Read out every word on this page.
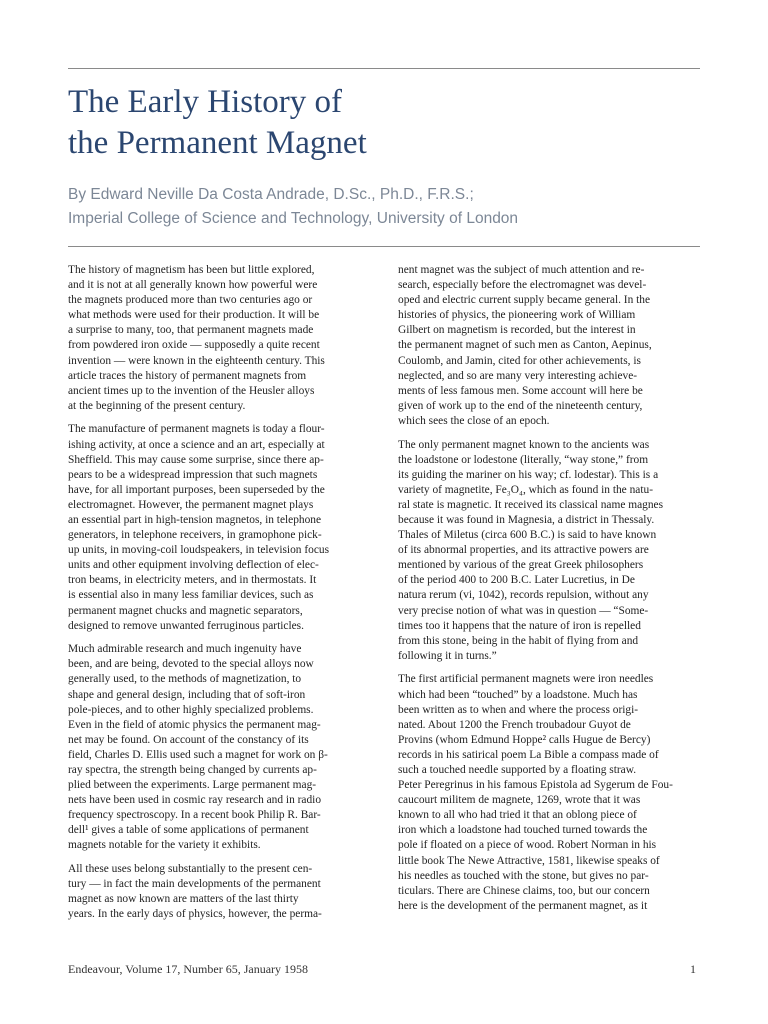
The Early History of
the Permanent Magnet
By Edward Neville Da Costa Andrade, D.Sc., Ph.D., F.R.S.;
Imperial College of Science and Technology, University of London

The history of magnetism has been but little explored,
and it is not at all generally known how powerful were
the magnets produced more than two centuries ago or
what methods were used for their production. It will be
a surprise to many, too, that permanent magnets made
from powdered iron oxide — supposedly a quite recent
invention — were known in the eighteenth century. This
article traces the history of permanent magnets from
ancient times up to the invention of the Heusler alloys
at the beginning of the present century.

The manufacture of permanent magnets is today a flour-
ishing activity, at once a science and an art, especially at
Sheffield. This may cause some surprise, since there ap-
pears to be a widespread impression that such magnets
have, for all important purposes, been superseded by the
electromagnet. However, the permanent magnet plays
an essential part in high-tension magnetos, in telephone
generators, in telephone receivers, in gramophone pick-
up units, in moving-coil loudspeakers, in television focus
units and other equipment involving deflection of elec-
tron beams, in electricity meters, and in thermostats. It
is essential also in many less familiar devices, such as
permanent magnet chucks and magnetic separators,
designed to remove unwanted ferruginous particles.

Much admirable research and much ingenuity have
been, and are being, devoted to the special alloys now
generally used, to the methods of magnetization, to
shape and general design, including that of soft-iron
pole-pieces, and to other highly specialized problems.
Even in the field of atomic physics the permanent mag-
net may be found. On account of the constancy of its
field, Charles D. Ellis used such a magnet for work on β-
ray spectra, the strength being changed by currents ap-
plied between the experiments. Large permanent mag-
nets have been used in cosmic ray research and in radio
frequency spectroscopy. In a recent book Philip R. Bar-
dell¹ gives a table of some applications of permanent
magnets notable for the variety it exhibits.

All these uses belong substantially to the present cen-
tury — in fact the main developments of the permanent
magnet as now known are matters of the last thirty
years. In the early days of physics, however, the perma-

nent magnet was the subject of much attention and re-
search, especially before the electromagnet was devel-
oped and electric current supply became general. In the
histories of physics, the pioneering work of William
Gilbert on magnetism is recorded, but the interest in
the permanent magnet of such men as Canton, Aepinus,
Coulomb, and Jamin, cited for other achievements, is
neglected, and so are many very interesting achieve-
ments of less famous men. Some account will here be
given of work up to the end of the nineteenth century,
which sees the close of an epoch.

The only permanent magnet known to the ancients was
the loadstone or lodestone (literally, “way stone,” from
its guiding the mariner on his way; cf. lodestar). This is a
variety of magnetite, Fe₃O₄, which as found in the natu-
ral state is magnetic. It received its classical name magnes
because it was found in Magnesia, a district in Thessaly.
Thales of Miletus (circa 600 B.C.) is said to have known
of its abnormal properties, and its attractive powers are
mentioned by various of the great Greek philosophers
of the period 400 to 200 B.C. Later Lucretius, in De
natura rerum (vi, 1042), records repulsion, without any
very precise notion of what was in question — “Some-
times too it happens that the nature of iron is repelled
from this stone, being in the habit of flying from and
following it in turns.”

The first artificial permanent magnets were iron needles
which had been “touched” by a loadstone. Much has
been written as to when and where the process origi-
nated. About 1200 the French troubadour Guyot de
Provins (whom Edmund Hoppe² calls Hugue de Bercy)
records in his satirical poem La Bible a compass made of
such a touched needle supported by a floating straw.
Peter Peregrinus in his famous Epistola ad Sygerum de Fou-
caucourt militem de magnete, 1269, wrote that it was
known to all who had tried it that an oblong piece of
iron which a loadstone had touched turned towards the
pole if floated on a piece of wood. Robert Norman in his
little book The Newe Attractive, 1581, likewise speaks of
his needles as touched with the stone, but gives no par-
ticulars. There are Chinese claims, too, but our concern
here is the development of the permanent magnet, as it

Endeavour, Volume 17, Number 65, January 1958	1
